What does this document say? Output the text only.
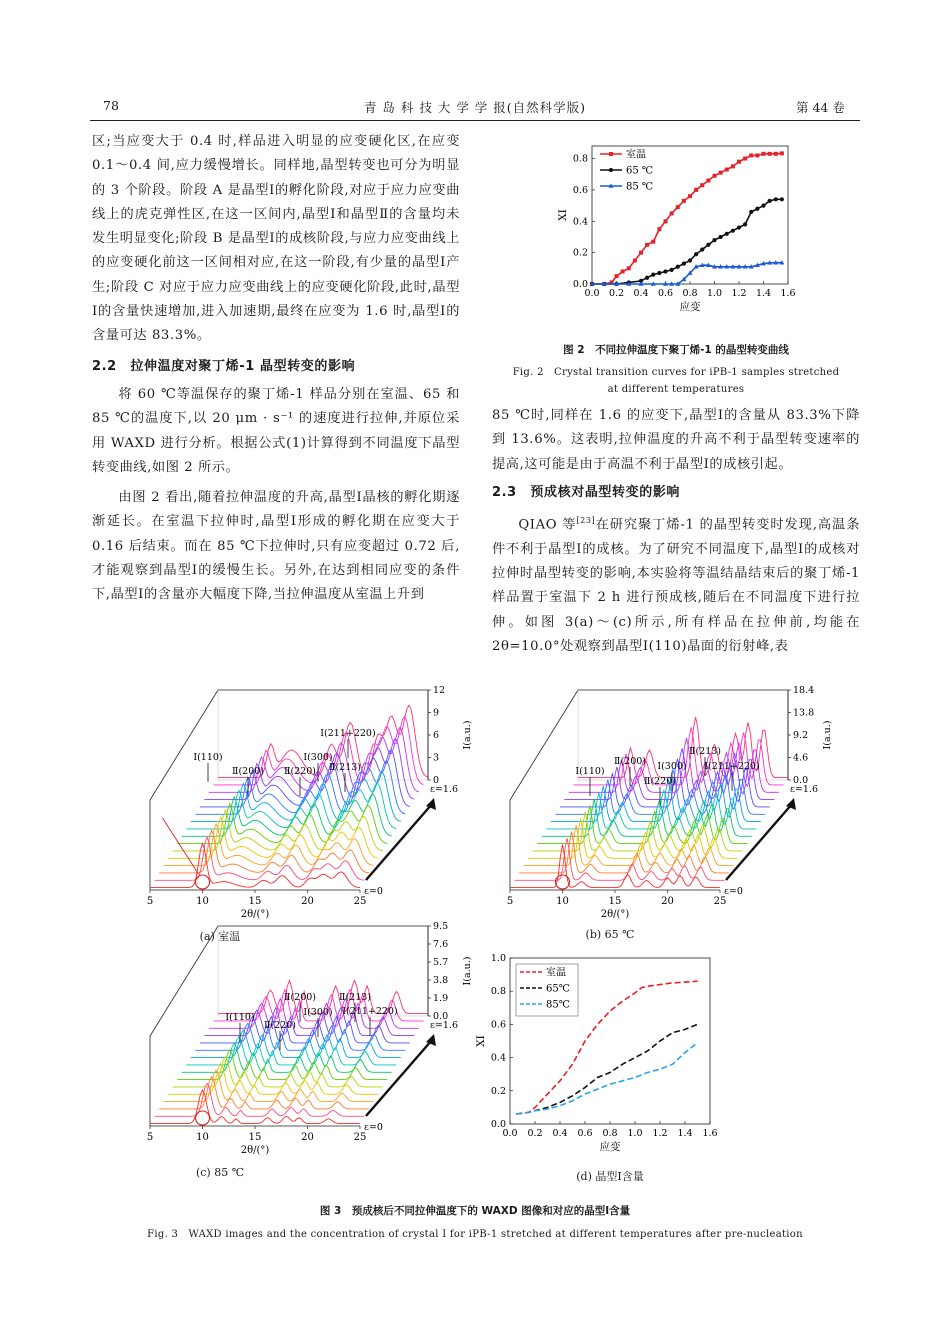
78	青 岛 科 技 大 学 学 报(自然科学版)	第 44 卷

区;当应变大于 0.4 时,样品进入明显的应变硬化区,在应变 0.1～0.4 间,应力缓慢增长。同样地,晶型转变也可分为明显的 3 个阶段。阶段 A 是晶型Ⅰ的孵化阶段,对应于应力应变曲线上的虎克弹性区,在这一区间内,晶型Ⅰ和晶型Ⅱ的含量均未发生明显变化;阶段 B 是晶型Ⅰ的成核阶段,与应力应变曲线上的应变硬化前这一区间相对应,在这一阶段,有少量的晶型Ⅰ产生;阶段 C 对应于应力应变曲线上的应变硬化阶段,此时,晶型Ⅰ的含量快速增加,进入加速期,最终在应变为 1.6 时,晶型Ⅰ的含量可达 83.3%。

2.2　拉伸温度对聚丁烯-1 晶型转变的影响

将 60 ℃等温保存的聚丁烯-1 样品分别在室温、65 和 85 ℃的温度下,以 20 μm · s⁻¹ 的速度进行拉伸,并原位采用 WAXD 进行分析。根据公式(1)计算得到不同温度下晶型转变曲线,如图 2 所示。

由图 2 看出,随着拉伸温度的升高,晶型Ⅰ晶核的孵化期逐渐延长。在室温下拉伸时,晶型Ⅰ形成的孵化期在应变大于 0.16 后结束。而在 85 ℃下拉伸时,只有应变超过 0.72 后,才能观察到晶型Ⅰ的缓慢生长。另外,在达到相同应变的条件下,晶型Ⅰ的含量亦大幅度下降,当拉伸温度从室温上升到

85 ℃时,同样在 1.6 的应变下,晶型Ⅰ的含量从 83.3%下降到 13.6%。这表明,拉伸温度的升高不利于晶型转变速率的提高,这可能是由于高温不利于晶型Ⅰ的成核引起。

2.3　预成核对晶型转变的影响

QIAO 等[23]在研究聚丁烯-1 的晶型转变时发现,高温条件不利于晶型Ⅰ的成核。为了研究不同温度下,晶型Ⅰ的成核对拉伸时晶型转变的影响,本实验将等温结晶结束后的聚丁烯-1 样品置于室温下 2 h 进行预成核,随后在不同温度下进行拉伸。如图 3(a)～(c)所示,所有样品在拉伸前,均能在 2θ=10.0°处观察到晶型Ⅰ(110)晶面的衍射峰,表

0.0 0.2 0.4 0.6 0.8 1.0 1.2 1.4 1.6
0.0
0.2
0.4
0.6
0.8
应变
XⅠ
室温
65 ℃
85 ℃
图 2　不同拉伸温度下聚丁烯-1 的晶型转变曲线
Fig. 2　Crystal transition curves for iPB-1 samples stretched
at different temperatures
5	10	15	20	25
2θ/(°)
12
9
6
3
0
I(a.u.)
ε=1.6
ε=0
Ⅰ(211+220)
Ⅰ(110)	Ⅰ(300)
Ⅱ(200) Ⅱ(220) Ⅱ(213)
(a) 室温
5	10	15	20	25
2θ/(°)
18.4
13.8
9.2
4.6
0.0
I(a.u.)
ε=1.6
ε=0
Ⅱ(213)
Ⅱ(200) Ⅰ(300) Ⅰ(211+220)
Ⅰ(110)
Ⅱ(220)
(b) 65 ℃
5	10	15	20	25
2θ/(°)
9.5
7.6
5.7
3.8
1.9
0.0
I(a.u.)
ε=1.6
ε=0
Ⅱ(200) Ⅱ(213)
Ⅰ(110)	Ⅰ(300) Ⅰ(211+220)
Ⅱ(220)
(c) 85 ℃
0.0 0.2 0.4 0.6 0.8 1.0 1.2 1.4 1.6
0.0
0.2
0.4
0.6
0.8
1.0
应变
XⅠ
室温
65℃
85℃
(d) 晶型Ⅰ含量
图 3　预成核后不同拉伸温度下的 WAXD 图像和对应的晶型Ⅰ含量
Fig. 3　WAXD images and the concentration of crystal Ⅰ for iPB-1 stretched at different temperatures after pre-nucleation
